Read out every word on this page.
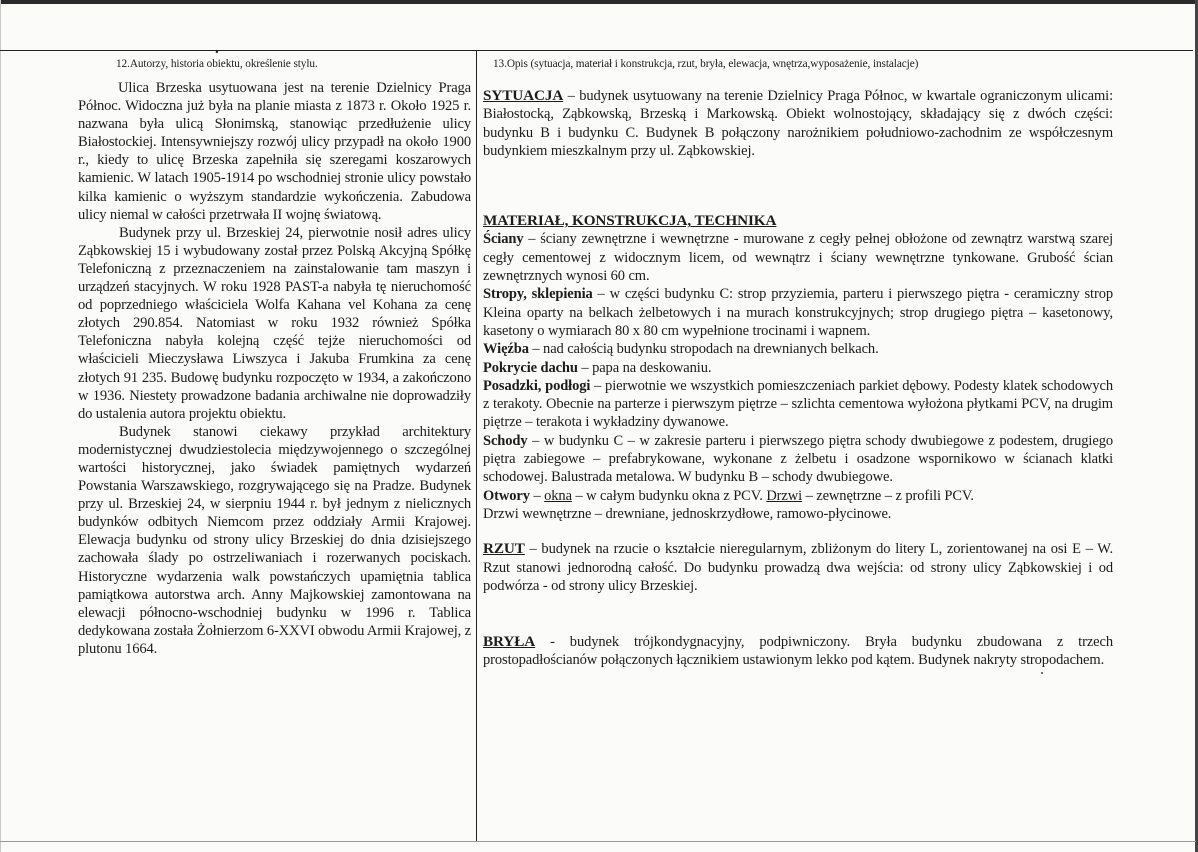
12.Autorzy, historia obiektu, określenie stylu.	13.Opis (sytuacja, materiał i konstrukcja, rzut, bryła, elewacja, wnętrza,wyposażenie, instalacje)

Ulica Brzeska usytuowana jest na terenie Dzielnicy Praga Północ. Widoczna już była na planie miasta z 1873 r. Około 1925 r. nazwana była ulicą Słonimską, stanowiąc przedłużenie ulicy Białostockiej. Intensywniejszy rozwój ulicy przypadł na około 1900 r., kiedy to ulicę Brzeska zapełniła się szeregami koszarowych kamienic. W latach 1905-1914 po wschodniej stronie ulicy powstało kilka kamienic o wyższym standardzie wykończenia. Zabudowa ulicy niemal w całości przetrwała II wojnę światową.

Budynek przy ul. Brzeskiej 24, pierwotnie nosił adres ulicy Ząbkowskiej 15 i wybudowany został przez Polską Akcyjną Spółkę Telefoniczną z przeznaczeniem na zainstalowanie tam maszyn i urządzeń stacyjnych. W roku 1928 PAST-a nabyła tę nieruchomość od poprzedniego właściciela Wolfa Kahana vel Kohana za cenę złotych 290.854. Natomiast w roku 1932 również Spółka Telefoniczna nabyła kolejną część tejże nieruchomości od właścicieli Mieczysława Liwszyca i Jakuba Frumkina za cenę złotych 91 235. Budowę budynku rozpoczęto w 1934, a zakończono w 1936. Niestety prowadzone badania archiwalne nie doprowadziły do ustalenia autora projektu obiektu.

Budynek stanowi ciekawy przykład architektury modernistycznej dwudziestolecia międzywojennego o szczególnej wartości historycznej, jako świadek pamiętnych wydarzeń Powstania Warszawskiego, rozgrywającego się na Pradze. Budynek przy ul. Brzeskiej 24, w sierpniu 1944 r. był jednym z nielicznych budynków odbitych Niemcom przez oddziały Armii Krajowej. Elewacja budynku od strony ulicy Brzeskiej do dnia dzisiejszego zachowała ślady po ostrzeliwaniach i rozerwanych pociskach. Historyczne wydarzenia walk powstańczych upamiętnia tablica pamiątkowa autorstwa arch. Anny Majkowskiej zamontowana na elewacji północno-wschodniej budynku w 1996 r. Tablica dedykowana została Żołnierzom 6-XXVI obwodu Armii Krajowej, z plutonu 1664.

SYTUACJA – budynek usytuowany na terenie Dzielnicy Praga Północ, w kwartale ograniczonym ulicami: Białostocką, Ząbkowską, Brzeską i Markowską. Obiekt wolnostojący, składający się z dwóch części: budynku B i budynku C. Budynek B połączony narożnikiem południowo-zachodnim ze współczesnym budynkiem mieszkalnym przy ul. Ząbkowskiej.

MATERIAŁ, KONSTRUKCJA, TECHNIKA

Ściany – ściany zewnętrzne i wewnętrzne - murowane z cegły pełnej obłożone od zewnątrz warstwą szarej cegły cementowej z widocznym licem, od wewnątrz i ściany wewnętrzne tynkowane. Grubość ścian zewnętrznych wynosi 60 cm.

Stropy, sklepienia – w części budynku C: strop przyziemia, parteru i pierwszego piętra - ceramiczny strop Kleina oparty na belkach żelbetowych i na murach konstrukcyjnych; strop drugiego piętra – kasetonowy, kasetony o wymiarach 80 x 80 cm wypełnione trocinami i wapnem.

Więźba – nad całością budynku stropodach na drewnianych belkach.

Pokrycie dachu – papa na deskowaniu.

Posadzki, podłogi – pierwotnie we wszystkich pomieszczeniach parkiet dębowy. Podesty klatek schodowych z terakoty. Obecnie na parterze i pierwszym piętrze – szlichta cementowa wyłożona płytkami PCV, na drugim piętrze – terakota i wykładziny dywanowe.

Schody – w budynku C – w zakresie parteru i pierwszego piętra schody dwubiegowe z podestem, drugiego piętra zabiegowe – prefabrykowane, wykonane z żelbetu i osadzone wspornikowo w ścianach klatki schodowej. Balustrada metalowa. W budynku B – schody dwubiegowe.

Otwory – okna – w całym budynku okna z PCV. Drzwi – zewnętrzne – z profili PCV.

Drzwi wewnętrzne – drewniane, jednoskrzydłowe, ramowo-płycinowe.

RZUT – budynek na rzucie o kształcie nieregularnym, zbliżonym do litery L, zorientowanej na osi E – W. Rzut stanowi jednorodną całość. Do budynku prowadzą dwa wejścia: od strony ulicy Ząbkowskiej i od podwórza - od strony ulicy Brzeskiej.

BRYŁA - budynek trójkondygnacyjny, podpiwniczony. Bryła budynku zbudowana z trzech prostopadłościanów połączonych łącznikiem ustawionym lekko pod kątem. Budynek nakryty stropodachem.
